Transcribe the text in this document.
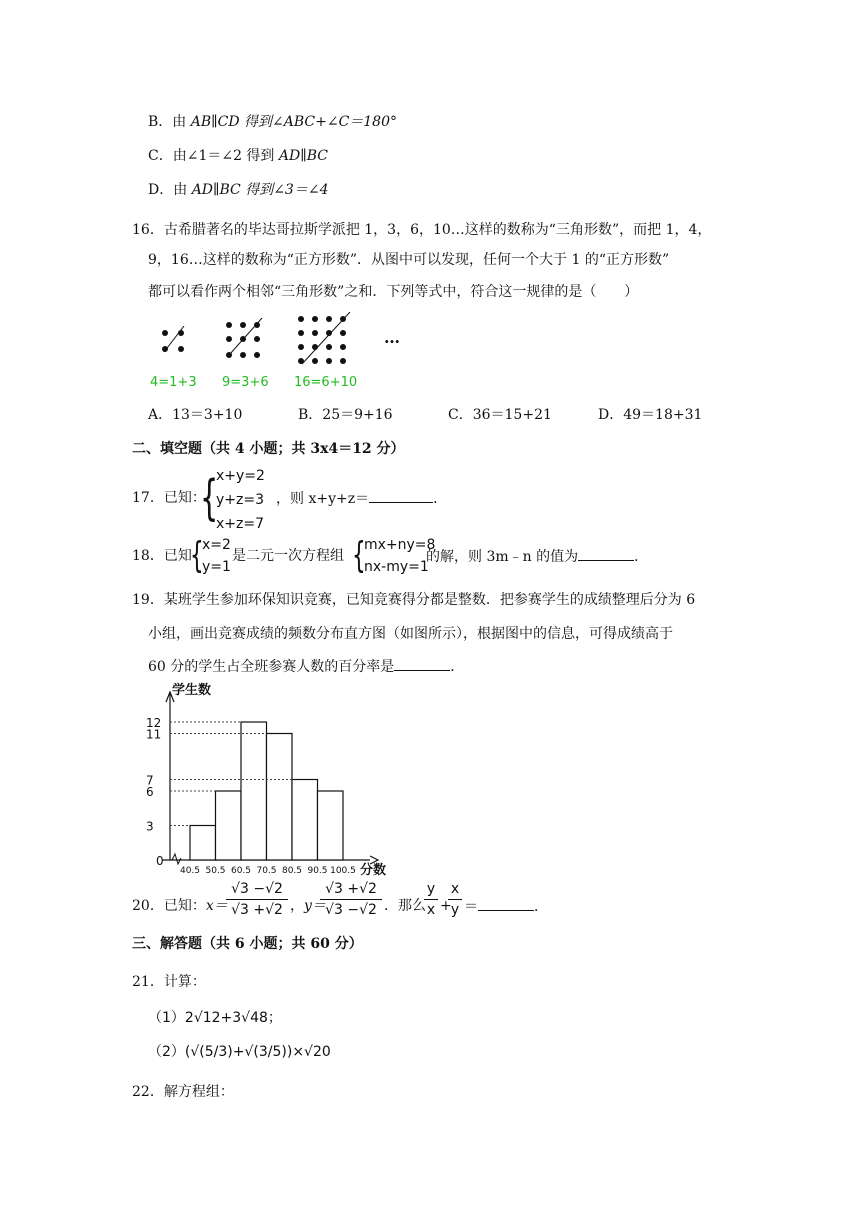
B．由 AB∥CD 得到∠ABC+∠C＝180°
C．由∠1＝∠2 得到 AD∥BC
D．由 AD∥BC 得到∠3＝∠4
16．古希腊著名的毕达哥拉斯学派把 1，3，6，10…这样的数称为“三角形数”，而把 1，4，
9，16…这样的数称为“正方形数”．从图中可以发现，任何一个大于 1 的“正方形数”
都可以看作两个相邻“三角形数”之和．下列等式中，符合这一规律的是（　　）
…
4=1+3 9=3+6 16=6+10
A．13＝3+10	B．25＝9+16	C．36＝15+21	D．49＝18+31
二、填空题（共 4 小题；共 3x4＝12 分）
17．已知：
{
x+y=2
y+z=3
x+z=7
，则 x+y+z＝	．
18．已知
{
x=2
y=1
是二元一次方程组 {
mx+ny=8
nx-my=1
的解，则 3m﹣n 的值为	．
19．某班学生参加环保知识竞赛，已知竞赛得分都是整数．把参赛学生的成绩整理后分为 6
小组，画出竞赛成绩的频数分布直方图（如图所示），根据图中的信息，可得成绩高于
60 分的学生占全班参赛人数的百分率是	．
学生数
分数
0
3
6
7
11
12
40.5 50.5 60.5 70.5 80.5 90.5 100.5
20．已知：x＝
√3 −√2
√3 +√2 ，y＝
√3 +√2
√3 −√2 ．那么
y
x +
x
y ＝	．
三、解答题（共 6 小题；共 60 分）
21．计算：
（1）2√12+3√48；
（2）(√(5/3)+√(3/5))×√20
22．解方程组：
